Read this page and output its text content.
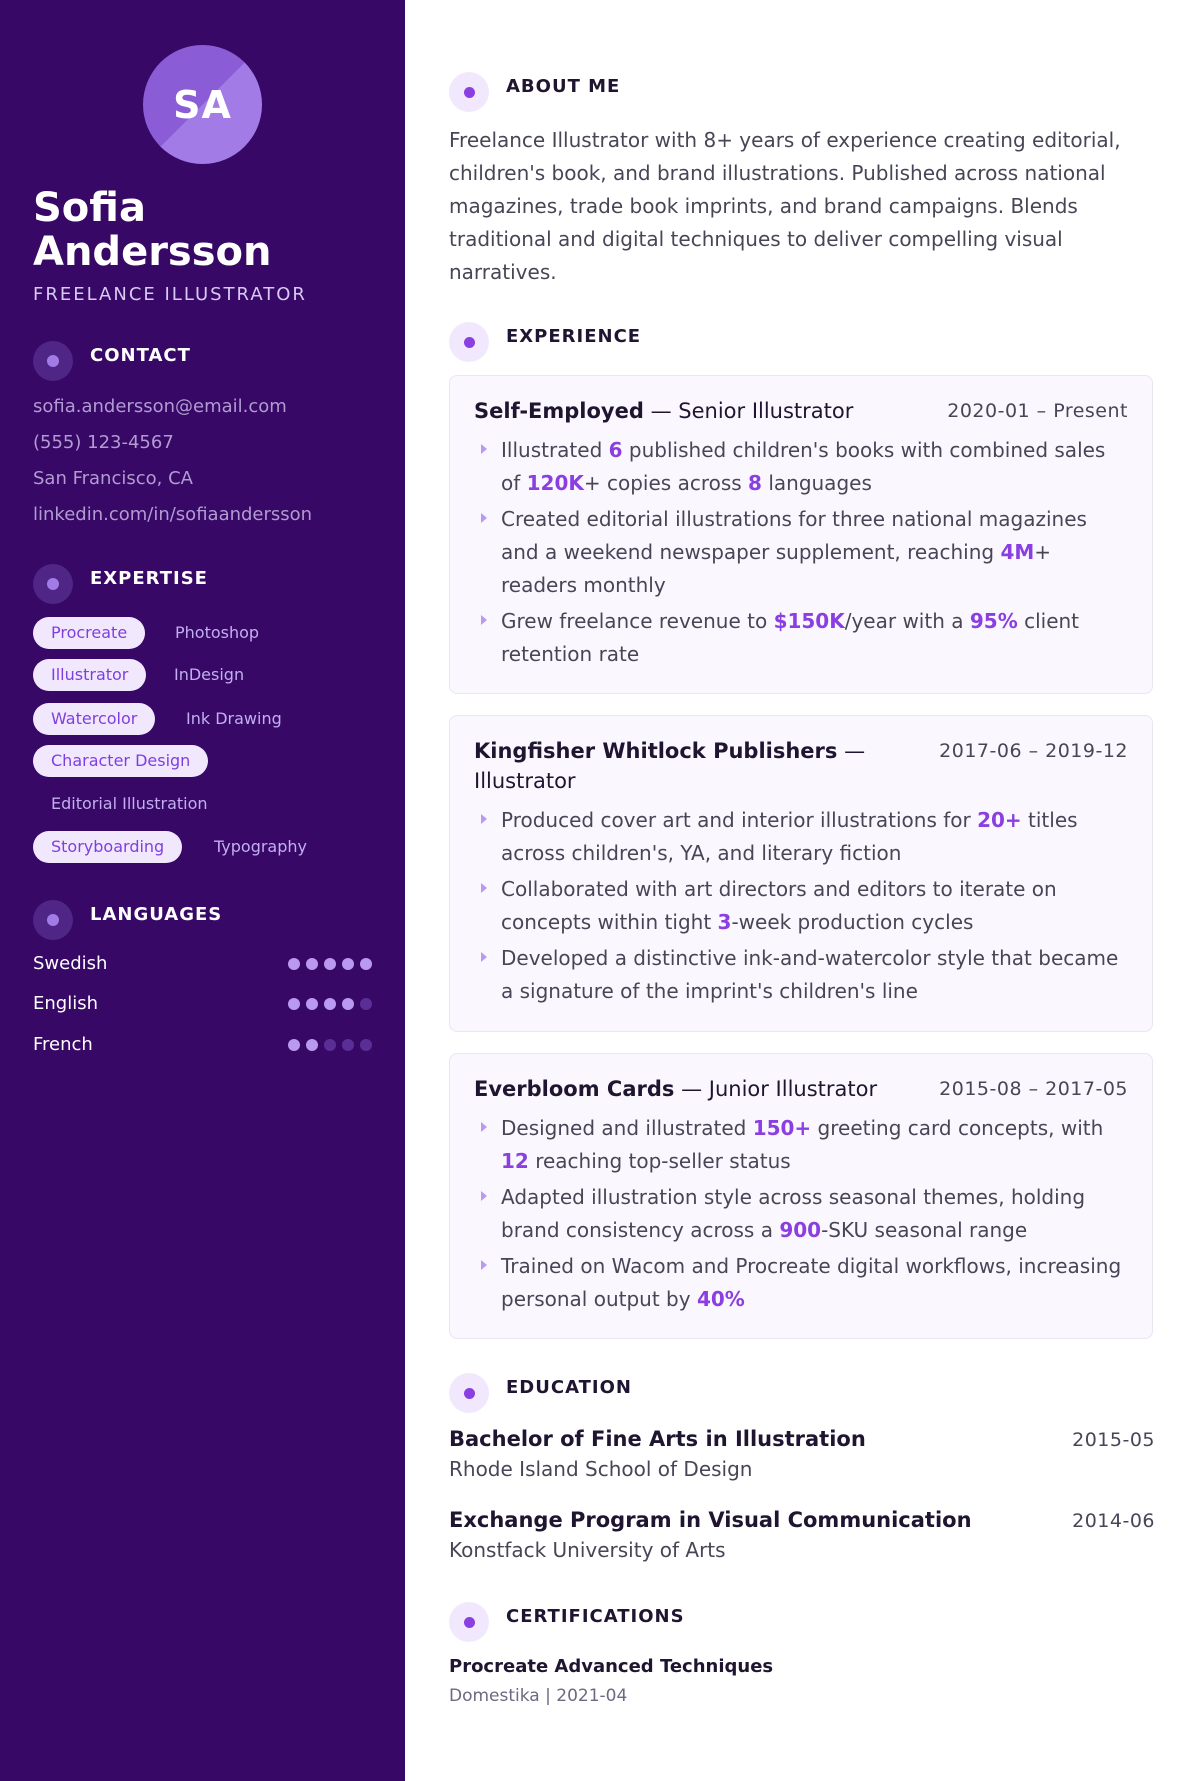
SA
Sofia Andersson
FREELANCE ILLUSTRATOR
CONTACT
sofia.andersson@email.com
(555) 123-4567
San Francisco, CA
linkedin.com/in/sofiaandersson
EXPERTISE
Procreate	Photoshop
Illustrator	InDesign
Watercolor	Ink Drawing
Character Design
Editorial Illustration
Storyboarding	Typography
LANGUAGES
Swedish
English
French
ABOUT ME
Freelance Illustrator with 8+ years of experience creating editorial, children's book, and brand illustrations. Published across national magazines, trade book imprints, and brand campaigns. Blends traditional and digital techniques to deliver compelling visual narratives.
EXPERIENCE
Self-Employed — Senior Illustrator	2020-01 – Present
Illustrated 6 published children's books with combined sales of 120K+ copies across 8 languages
Created editorial illustrations for three national magazines and a weekend newspaper supplement, reaching 4M+ readers monthly
Grew freelance revenue to $150K/year with a 95% client retention rate
Kingfisher Whitlock Publishers — Illustrator
2017-06 – 2019-12
Produced cover art and interior illustrations for 20+ titles across children's, YA, and literary fiction
Collaborated with art directors and editors to iterate on concepts within tight 3-week production cycles
Developed a distinctive ink-and-watercolor style that became a signature of the imprint's children's line
Everbloom Cards — Junior Illustrator	2015-08 – 2017-05
Designed and illustrated 150+ greeting card concepts, with 12 reaching top-seller status
Adapted illustration style across seasonal themes, holding brand consistency across a 900-SKU seasonal range
Trained on Wacom and Procreate digital workflows, increasing personal output by 40%
EDUCATION
Bachelor of Fine Arts in Illustration	2015-05
Rhode Island School of Design
Exchange Program in Visual Communication	2014-06
Konstfack University of Arts
CERTIFICATIONS
Procreate Advanced Techniques
Domestika | 2021-04
